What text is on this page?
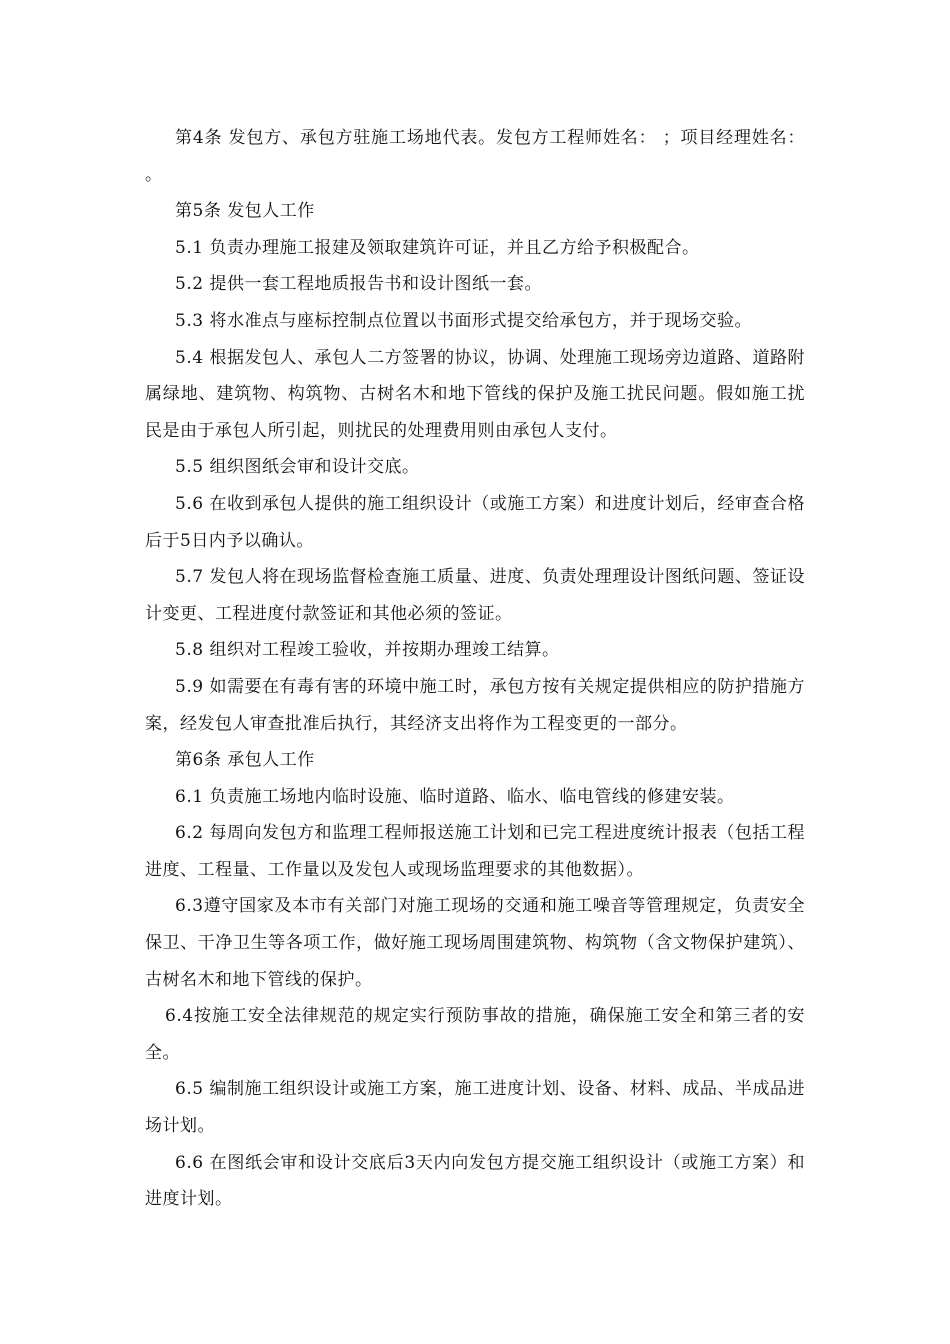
第4条 发包方、承包方驻施工场地代表。发包方工程师姓名： ；项目经理姓名： 。

第5条 发包人工作

5.1 负责办理施工报建及领取建筑许可证，并且乙方给予积极配合。

5.2 提供一套工程地质报告书和设计图纸一套。

5.3 将水准点与座标控制点位置以书面形式提交给承包方，并于现场交验。

5.4 根据发包人、承包人二方签署的协议，协调、处理施工现场旁边道路、道路附属绿地、建筑物、构筑物、古树名木和地下管线的保护及施工扰民问题。假如施工扰民是由于承包人所引起，则扰民的处理费用则由承包人支付。

5.5 组织图纸会审和设计交底。

5.6 在收到承包人提供的施工组织设计（或施工方案）和进度计划后，经审查合格后于5日内予以确认。

5.7 发包人将在现场监督检查施工质量、进度、负责处理理设计图纸问题、签证设计变更、工程进度付款签证和其他必须的签证。

5.8 组织对工程竣工验收，并按期办理竣工结算。

5.9 如需要在有毒有害的环境中施工时，承包方按有关规定提供相应的防护措施方案，经发包人审查批准后执行，其经济支出将作为工程变更的一部分。

第6条 承包人工作

6.1 负责施工场地内临时设施、临时道路、临水、临电管线的修建安装。

6.2 每周向发包方和监理工程师报送施工计划和已完工程进度统计报表（包括工程进度、工程量、工作量以及发包人或现场监理要求的其他数据）。

6.3遵守国家及本市有关部门对施工现场的交通和施工噪音等管理规定，负责安全保卫、干净卫生等各项工作，做好施工现场周围建筑物、构筑物（含文物保护建筑）、古树名木和地下管线的保护。

6.4按施工安全法律规范的规定实行预防事故的措施，确保施工安全和第三者的安全。

6.5 编制施工组织设计或施工方案，施工进度计划、设备、材料、成品、半成品进场计划。

6.6 在图纸会审和设计交底后3天内向发包方提交施工组织设计（或施工方案）和进度计划。
